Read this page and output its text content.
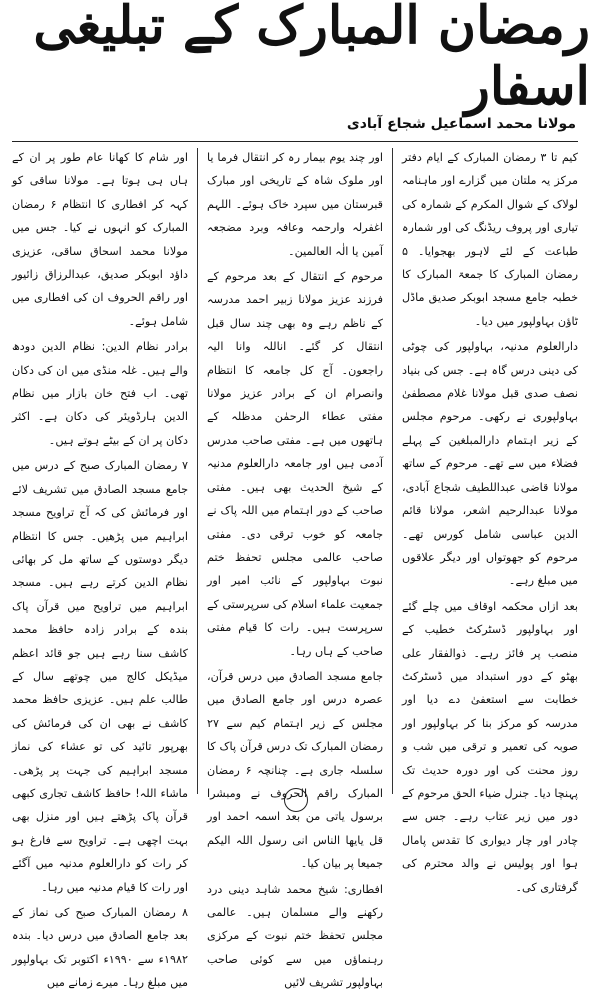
رمضان المبارک کے تبلیغی اسفار
مولانا محمد اسماعیل شجاع آبادی

کیم تا ۳ رمضان المبارک کے ایام دفتر مرکز یہ ملتان میں گزارے اور ماہنامہ لولاک کے شوال المکرم کے شمارہ کی تیاری اور پروف ریڈنگ کی اور شمارہ طباعت کے لئے لاہور بھجوایا۔ ۵ رمضان المبارک کا جمعۃ المبارک کا خطبہ جامع مسجد ابوبکر صدیق ماڈل ٹاؤن بہاولپور میں دیا۔

دارالعلوم مدنیہ، بہاولپور کی چوٹی کی دینی درس گاہ ہے۔ جس کی بنیاد نصف صدی قبل مولانا غلام مصطفیٰ بہاولپوری نے رکھی۔ مرحوم مجلس کے زیر اہتمام دارالمبلغین کے پہلے فضلاء میں سے تھے۔ مرحوم کے ساتھ مولانا قاضی عبداللطیف شجاع آبادی، مولانا عبدالرحیم اشعر، مولانا قائم الدین عباسی شامل کورس تھے۔ مرحوم کو جھوتواں اور دیگر علاقوں میں مبلغ رہے۔

بعد ازاں محکمہ اوقاف میں چلے گئے اور بہاولپور ڈسٹرکٹ خطیب کے منصب پر فائز رہے۔ ذوالفقار علی بھٹو کے دور استبداد میں ڈسٹرکٹ خطابت سے استعفیٰ دے دیا اور مدرسہ کو مرکز بنا کر بہاولپور اور صوبہ کی تعمیر و ترقی میں شب و روز محنت کی اور دورہ حدیث تک پہنچا دیا۔ جنرل ضیاء الحق مرحوم کے دور میں زیر عتاب رہے۔ جس سے چادر اور چار دیواری کا تقدس پامال ہوا اور پولیس نے والد محترم کی گرفتاری کی۔

اور چند یوم بیمار رہ کر انتقال فرما یا اور ملوک شاہ کے تاریخی اور مبارک قبرستان میں سپرد خاک ہوئے۔ اللہم اغفرلہ وارحمہ وعافہ وبرد مضجعہ آمین یا الٰہ العالمین۔

مرحوم کے انتقال کے بعد مرحوم کے فرزند عزیز مولانا زبیر احمد مدرسہ کے ناظم رہے وہ بھی چند سال قبل انتقال کر گئے۔ اناللہ وانا الیہ راجعون۔ آج کل جامعہ کا انتظام وانصرام ان کے برادر عزیز مولانا مفتی عطاء الرحمٰن مدظلہ کے ہاتھوں میں ہے۔ مفتی صاحب مدرس آدمی ہیں اور جامعہ دارالعلوم مدنیہ کے شیخ الحدیث بھی ہیں۔ مفتی صاحب کے دور اہتمام میں اللہ پاک نے جامعہ کو خوب ترقی دی۔ مفتی صاحب عالمی مجلس تحفظ ختم نبوت بہاولپور کے نائب امیر اور جمعیت علماء اسلام کی سرپرستی کے سرپرست ہیں۔ رات کا قیام مفتی صاحب کے ہاں رہا۔

جامع مسجد الصادق میں درس قرآن، عصرہ درس اور جامع الصادق میں مجلس کے زیر اہتمام کیم سے ۲۷ رمضان المبارک تک درس قرآن پاک کا سلسلہ جاری ہے۔ چنانچہ ۶ رمضان المبارک راقم الحروف نے ومبشرا برسول یاتی من بعد اسمہ احمد اور قل یایھا الناس انی رسول اللہ الیکم جمیعا پر بیان کیا۔

افطاری: شیخ محمد شاہد دینی درد رکھنے والے مسلمان ہیں۔ عالمی مجلس تحفظ ختم نبوت کے مرکزی رہنماؤں میں سے کوئی صاحب بہاولپور تشریف لائیں

اور شام کا کھانا عام طور پر ان کے ہاں ہی ہوتا ہے۔ مولانا ساقی کو کہہ کر افطاری کا انتظام ۶ رمضان المبارک کو انہوں نے کیا۔ جس میں مولانا محمد اسحاق ساقی، عزیزی داؤد ابوبکر صدیق، عبدالرزاق زائیور اور راقم الحروف ان کی افطاری میں شامل ہوئے۔

برادر نظام الدین: نظام الدین دودھ والے ہیں۔ غلہ منڈی میں ان کی دکان تھی۔ اب فتح خان بازار میں نظام الدین ہارڈویئر کی دکان ہے۔ اکثر دکان پر ان کے بیٹے ہوتے ہیں۔

۷ رمضان المبارک صبح کے درس میں جامع مسجد الصادق میں تشریف لائے اور فرمائش کی کہ آج تراویح مسجد ابراہیم میں پڑھیں۔ جس کا انتظام دیگر دوستوں کے ساتھ مل کر بھائی نظام الدین کرتے رہے ہیں۔ مسجد ابراہیم میں تراویح میں قرآن پاک بندہ کے برادر زادہ حافظ محمد کاشف سنا رہے ہیں جو قائد اعظم میڈیکل کالج میں چوتھے سال کے طالب علم ہیں۔ عزیزی حافظ محمد کاشف نے بھی ان کی فرمائش کی بھرپور تائید کی تو عشاء کی نماز مسجد ابراہیم کی جہت پر پڑھی۔ ماشاء اللہ! حافظ کاشف تجاری کبھی قرآن پاک پڑھتے ہیں اور منزل بھی بہت اچھی ہے۔ تراویح سے فارغ ہو کر رات کو دارالعلوم مدنیہ میں آگئے اور رات کا قیام مدنیہ میں رہا۔

۸ رمضان المبارک صبح کی نماز کے بعد جامع الصادق میں درس دیا۔ بندہ ۱۹۸۲ء سے ۱۹۹۰ء اکتوبر تک بہاولپور میں مبلغ رہا۔ میرے زمانے میں
